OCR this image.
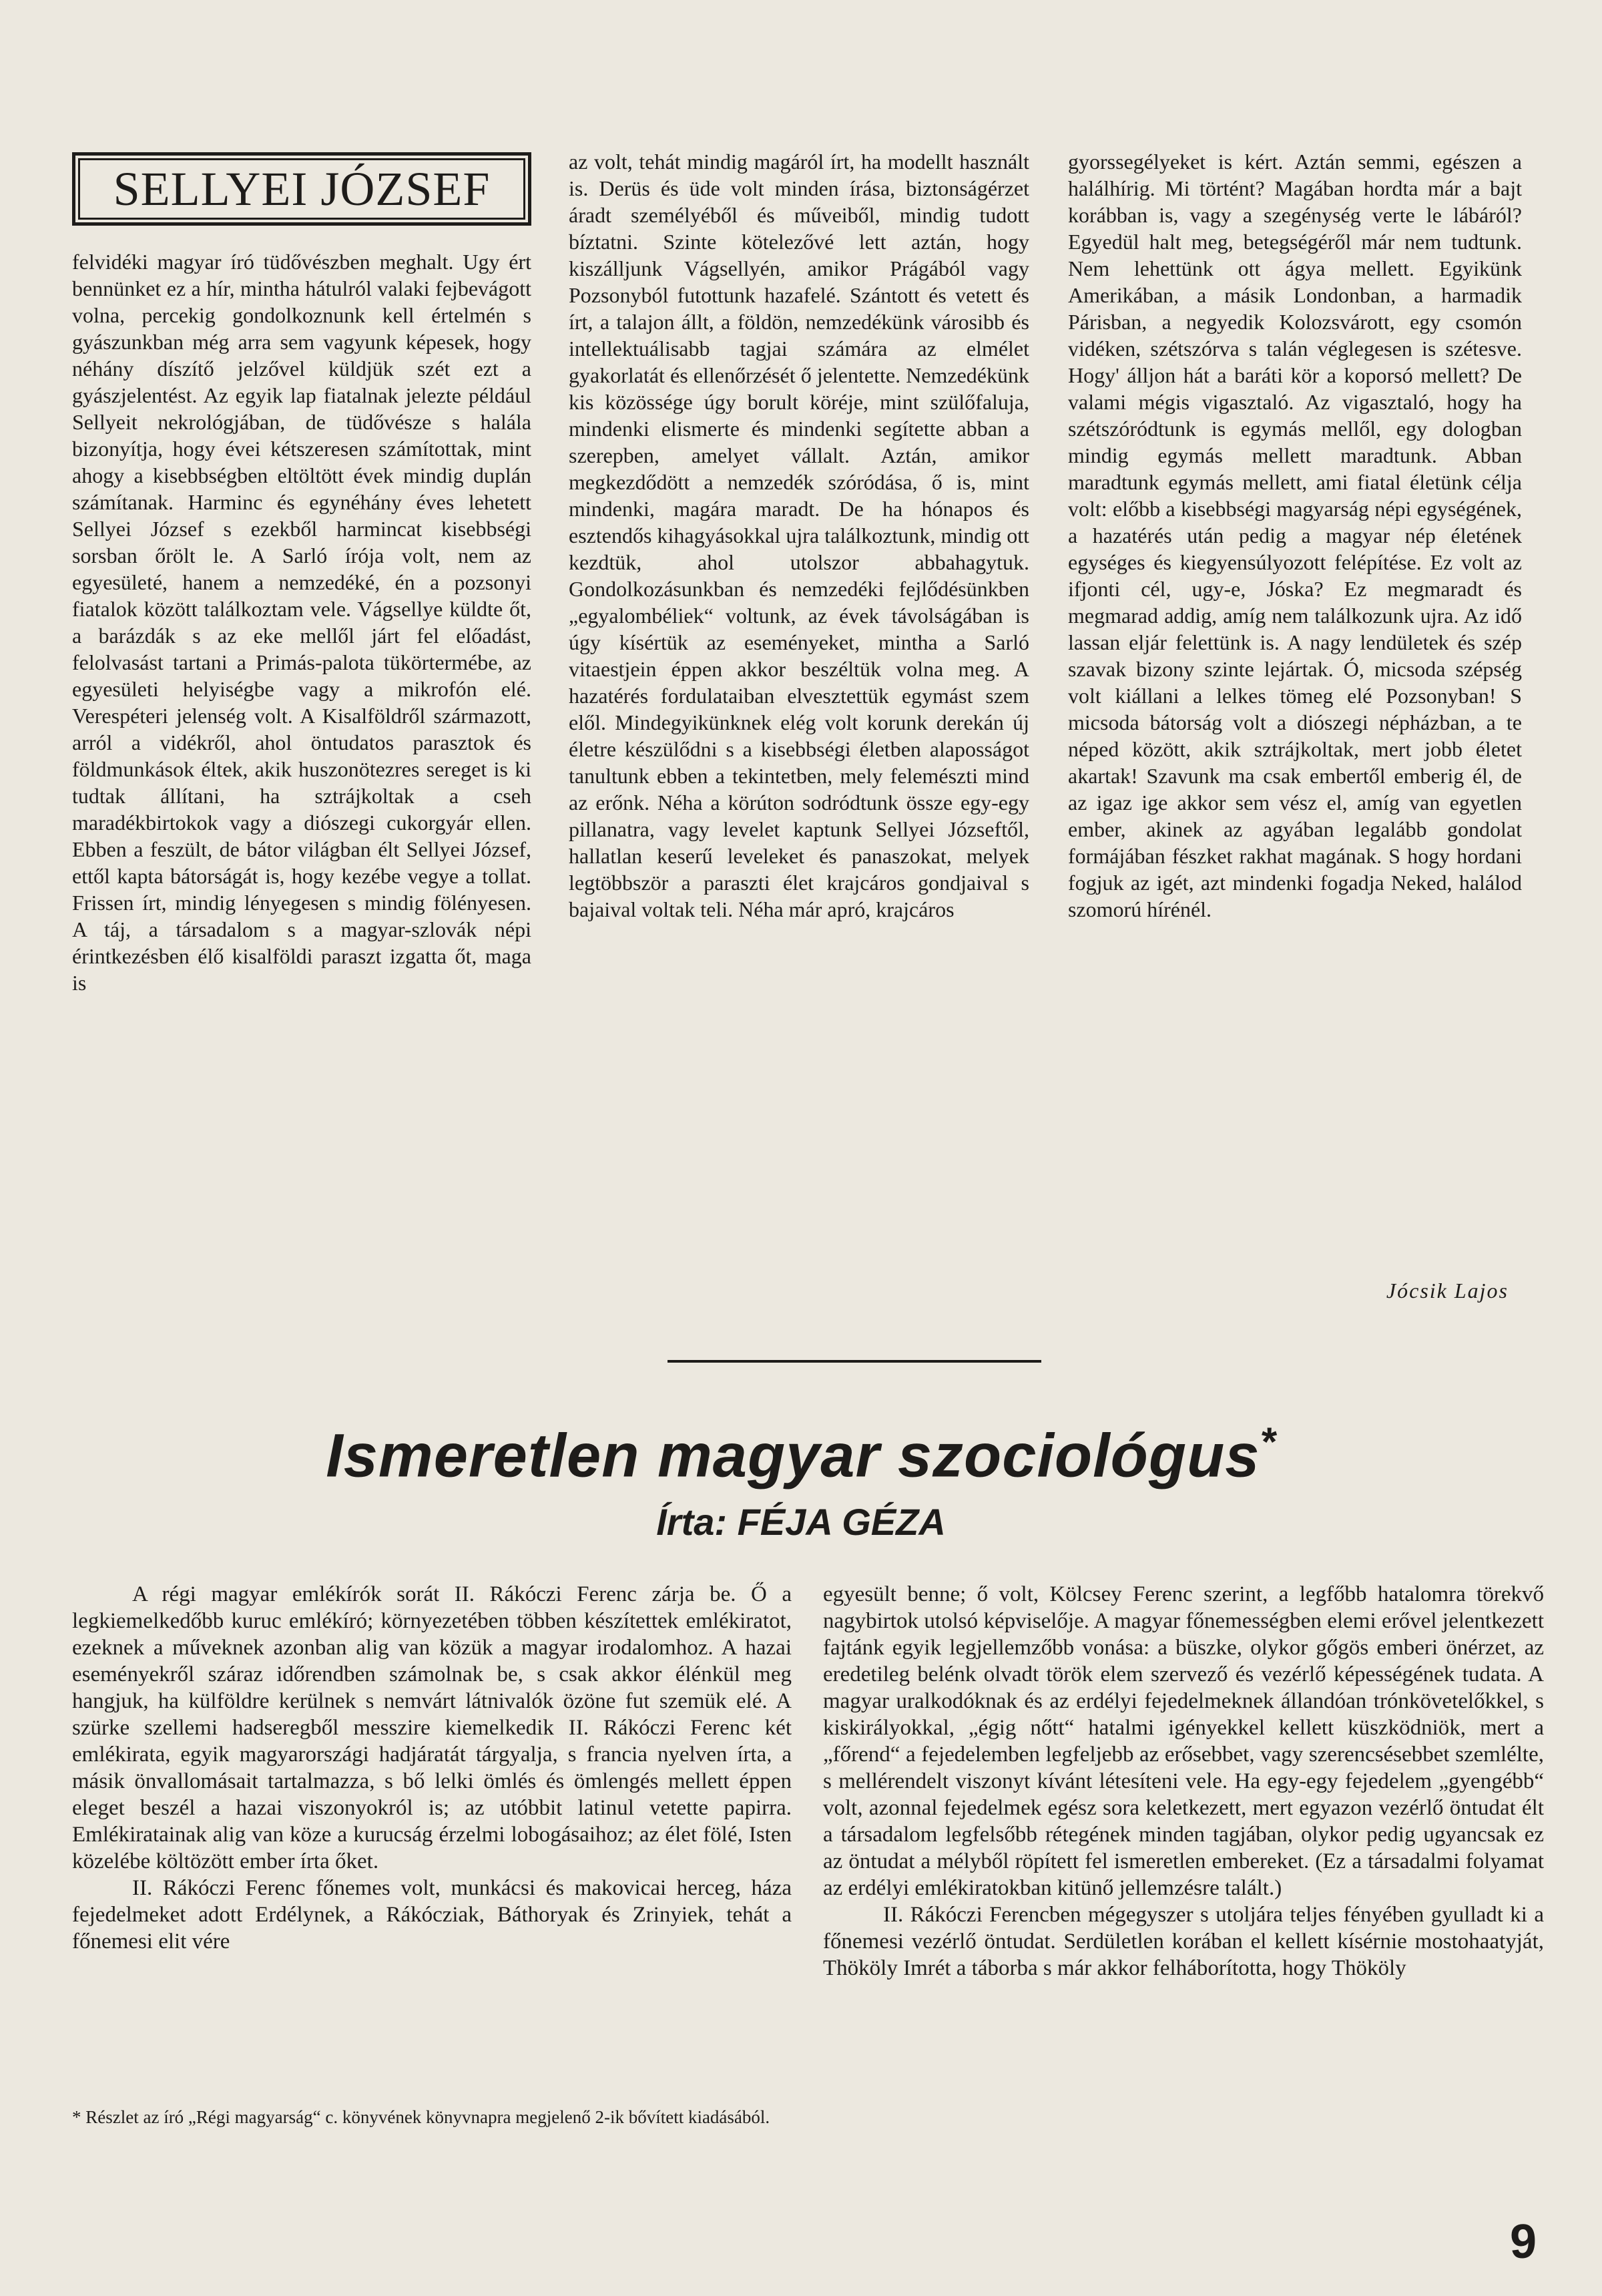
SELLYEI JÓZSEF

felvidéki magyar író tüdővészben meghalt. Ugy ért bennünket ez a hír, mintha hátulról valaki fejbevágott volna, percekig gondolkoznunk kell értelmén s gyászunkban még arra sem vagyunk képesek, hogy néhány díszítő jelzővel küldjük szét ezt a gyászjelentést. Az egyik lap fiatalnak jelezte például Sellyeit nekrológjában, de tüdővésze s halála bizonyítja, hogy évei kétszeresen számítottak, mint ahogy a kisebbségben eltöltött évek mindig duplán számítanak. Harminc és egynéhány éves lehetett Sellyei József s ezekből harmincat kisebbségi sorsban őrölt le. A Sarló írója volt, nem az egyesületé, hanem a nemzedéké, én a pozsonyi fiatalok között találkoztam vele. Vágsellye küldte őt, a barázdák s az eke mellől járt fel előadást, felolvasást tartani a Primás-palota tükörtermébe, az egyesületi helyiségbe vagy a mikrofón elé. Verespéteri jelenség volt. A Kisalföldről származott, arról a vidékről, ahol öntudatos parasztok és földmunkások éltek, akik huszonötezres sereget is ki tudtak állítani, ha sztrájkoltak a cseh maradékbirtokok vagy a diószegi cukorgyár ellen. Ebben a feszült, de bátor világban élt Sellyei József, ettől kapta bátorságát is, hogy kezébe vegye a tollat. Frissen írt, mindig lényegesen s mindig fölényesen. A táj, a társadalom s a magyar-szlovák népi érintkezésben élő kisalföldi paraszt izgatta őt, maga is

az volt, tehát mindig magáról írt, ha modellt használt is. Derüs és üde volt minden írása, biztonságérzet áradt személyéből és műveiből, mindig tudott bíztatni. Szinte kötelezővé lett aztán, hogy kiszálljunk Vágsellyén, amikor Prágából vagy Pozsonyból futottunk hazafelé. Szántott és vetett és írt, a talajon állt, a földön, nemzedékünk városibb és intellektuálisabb tagjai számára az elmélet gyakorlatát és ellenőrzését ő jelentette. Nemzedékünk kis közössége úgy borult köréje, mint szülőfaluja, mindenki elismerte és mindenki segítette abban a szerepben, amelyet vállalt. Aztán, amikor megkezdődött a nemzedék szóródása, ő is, mint mindenki, magára maradt. De ha hónapos és esztendős kihagyásokkal ujra találkoztunk, mindig ott kezdtük, ahol utolszor abbahagytuk. Gondolkozásunkban és nemzedéki fejlődésünkben „egyalombéliek“ voltunk, az évek távolságában is úgy kísértük az eseményeket, mintha a Sarló vitaestjein éppen akkor beszéltük volna meg. A hazatérés fordulataiban elvesztettük egymást szem elől. Mindegyikünknek elég volt korunk derekán új életre készülődni s a kisebbségi életben alaposságot tanultunk ebben a tekintetben, mely felemészti mind az erőnk. Néha a körúton sodródtunk össze egy-egy pillanatra, vagy levelet kaptunk Sellyei Józseftől, hallatlan keserű leveleket és panaszokat, melyek legtöbbször a paraszti élet krajcáros gondjaival s bajaival voltak teli. Néha már apró, krajcáros

gyorssegélyeket is kért. Aztán semmi, egészen a halálhírig. Mi történt? Magában hordta már a bajt korábban is, vagy a szegénység verte le lábáról? Egyedül halt meg, betegségéről már nem tudtunk. Nem lehettünk ott ágya mellett. Egyikünk Amerikában, a másik Londonban, a harmadik Párisban, a negyedik Kolozsvárott, egy csomón vidéken, szétszórva s talán véglegesen is szétesve. Hogy' álljon hát a baráti kör a koporsó mellett? De valami mégis vigasztaló. Az vigasztaló, hogy ha szétszóródtunk is egymás mellől, egy dologban mindig egymás mellett maradtunk. Abban maradtunk egymás mellett, ami fiatal életünk célja volt: előbb a kisebbségi magyarság népi egységének, a hazatérés után pedig a magyar nép életének egységes és kiegyensúlyozott felépítése. Ez volt az ifjonti cél, ugy-e, Jóska? Ez megmaradt és megmarad addig, amíg nem találkozunk ujra. Az idő lassan eljár felettünk is. A nagy lendületek és szép szavak bizony szinte lejártak. Ó, micsoda szépség volt kiállani a lelkes tömeg elé Pozsonyban! S micsoda bátorság volt a diószegi népházban, a te néped között, akik sztrájkoltak, mert jobb életet akartak! Szavunk ma csak embertől emberig él, de az igaz ige akkor sem vész el, amíg van egyetlen ember, akinek az agyában legalább gondolat formájában fészket rakhat magának. S hogy hordani fogjuk az igét, azt mindenki fogadja Neked, halálod szomorú hírénél.

Jócsik Lajos
Ismeretlen magyar szociológus*
Írta: FÉJA GÉZA

A régi magyar emlékírók sorát II. Rákóczi Ferenc zárja be. Ő a legkiemelkedőbb kuruc emlékíró; környezetében többen készítettek emlékiratot, ezeknek a műveknek azonban alig van közük a magyar irodalomhoz. A hazai eseményekről száraz időrendben számolnak be, s csak akkor élénkül meg hangjuk, ha külföldre kerülnek s nemvárt látnivalók özöne fut szemük elé. A szürke szellemi hadseregből messzire kiemelkedik II. Rákóczi Ferenc két emlékirata, egyik magyarországi hadjáratát tárgyalja, s francia nyelven írta, a másik önvallomásait tartalmazza, s bő lelki ömlés és ömlengés mellett éppen eleget beszél a hazai viszonyokról is; az utóbbit latinul vetette papirra. Emlékiratainak alig van köze a kurucság érzelmi lobogásaihoz; az élet fölé, Isten közelébe költözött ember írta őket.

II. Rákóczi Ferenc főnemes volt, munkácsi és makovicai herceg, háza fejedelmeket adott Erdélynek, a Rákócziak, Báthoryak és Zrinyiek, tehát a főnemesi elit vére

egyesült benne; ő volt, Kölcsey Ferenc szerint, a legfőbb hatalomra törekvő nagybirtok utolsó képviselője. A magyar főnemességben elemi erővel jelentkezett fajtánk egyik legjellemzőbb vonása: a büszke, olykor gőgös emberi önérzet, az eredetileg belénk olvadt török elem szervező és vezérlő képességének tudata. A magyar uralkodóknak és az erdélyi fejedelmeknek állandóan trónkövetelőkkel, s kiskirályokkal, „égig nőtt“ hatalmi igényekkel kellett küszködniök, mert a „főrend“ a fejedelemben legfeljebb az erősebbet, vagy szerencsésebbet szemlélte, s mellérendelt viszonyt kívánt létesíteni vele. Ha egy-egy fejedelem „gyengébb“ volt, azonnal fejedelmek egész sora keletkezett, mert egyazon vezérlő öntudat élt a társadalom legfelsőbb rétegének minden tagjában, olykor pedig ugyancsak ez az öntudat a mélyből röpített fel ismeretlen embereket. (Ez a társadalmi folyamat az erdélyi emlékiratokban kitünő jellemzésre talált.)

II. Rákóczi Ferencben mégegyszer s utoljára teljes fényében gyulladt ki a főnemesi vezérlő öntudat. Serdületlen korában el kellett kísérnie mostohaatyját, Thököly Imrét a táborba s már akkor felháborította, hogy Thököly

* Részlet az író „Régi magyarság“ c. könyvének könyvnapra megjelenő 2-ik bővített kiadásából.
9
